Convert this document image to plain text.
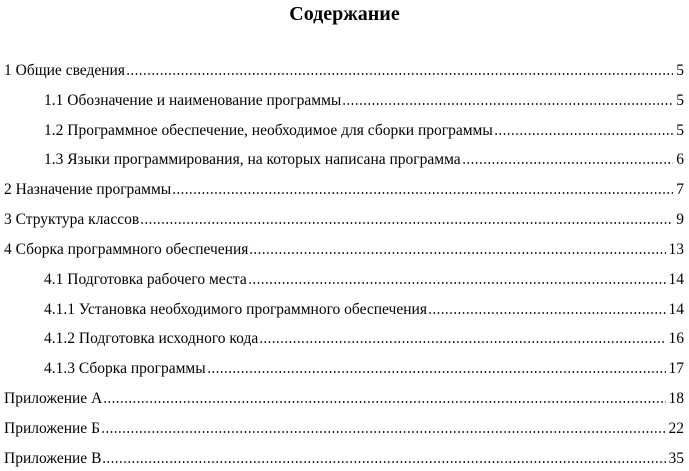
Содержание
1 Общие сведения	5
1.1 Обозначение и наименование программы	5
1.2 Программное обеспечение, необходимое для сборки программы	5
1.3 Языки программирования, на которых написана программа	6
2 Назначение программы	7
3 Структура классов	9
4 Сборка программного обеспечения	13
4.1 Подготовка рабочего места	14
4.1.1 Установка необходимого программного обеспечения	14
4.1.2 Подготовка исходного кода	16
4.1.3 Сборка программы	17
Приложение А	18
Приложение Б	22
Приложение В	35
